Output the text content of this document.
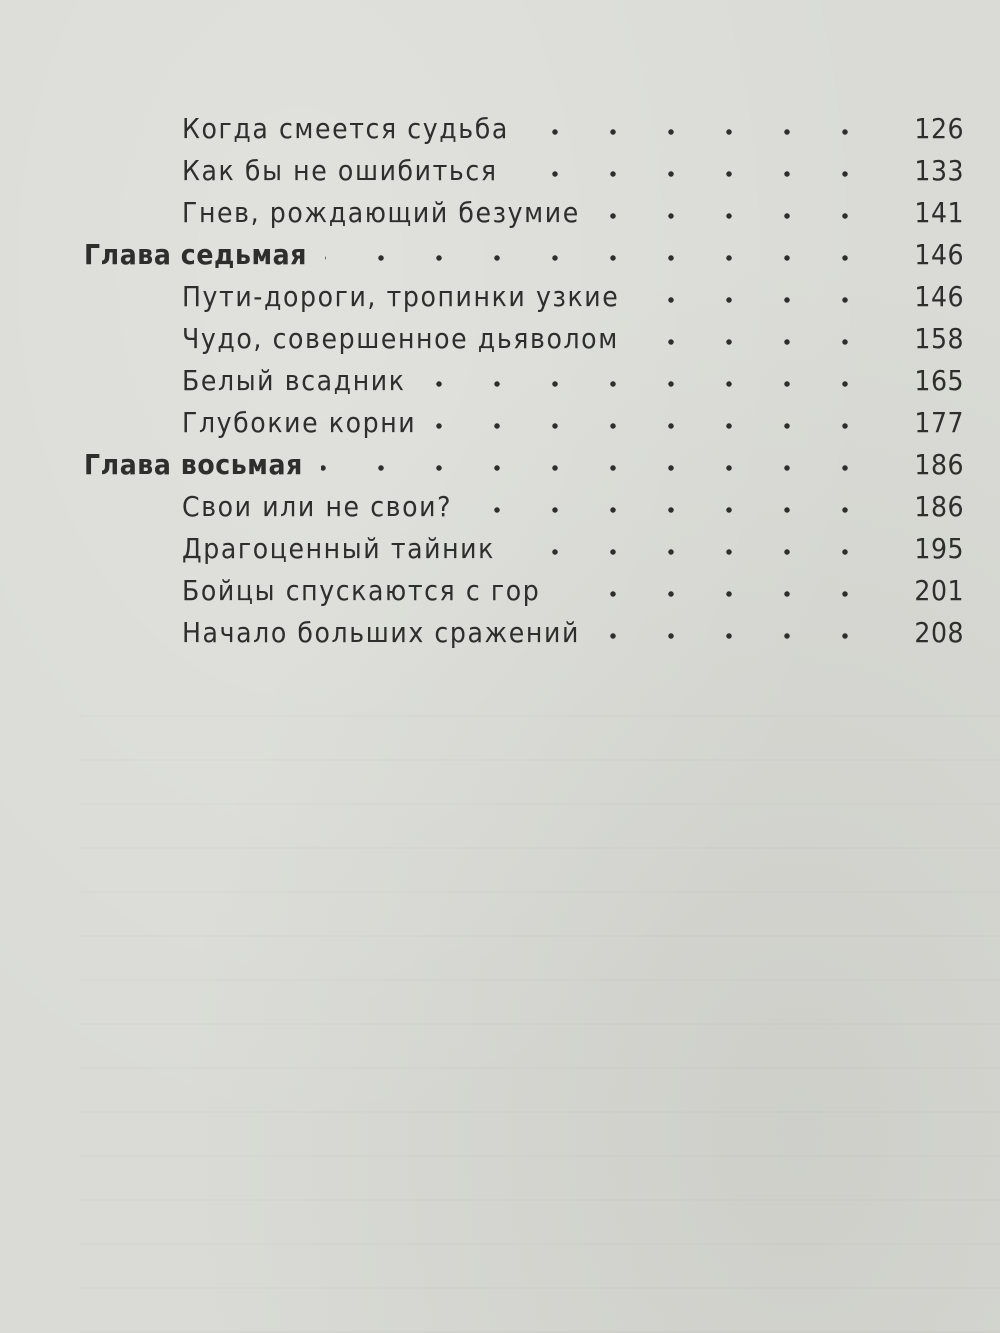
Когда смеется судьба	126
Как бы не ошибиться	133
Гнев, рождающий безумие	141
Глава седьмая	146
Пути-дороги, тропинки узкие	146
Чудо, совершенное дьяволом	158
Белый всадник	165
Глубокие корни	177
Глава восьмая	186
Свои или не свои?	186
Драгоценный тайник	195
Бойцы спускаются с гор	201
Начало больших сражений	208
